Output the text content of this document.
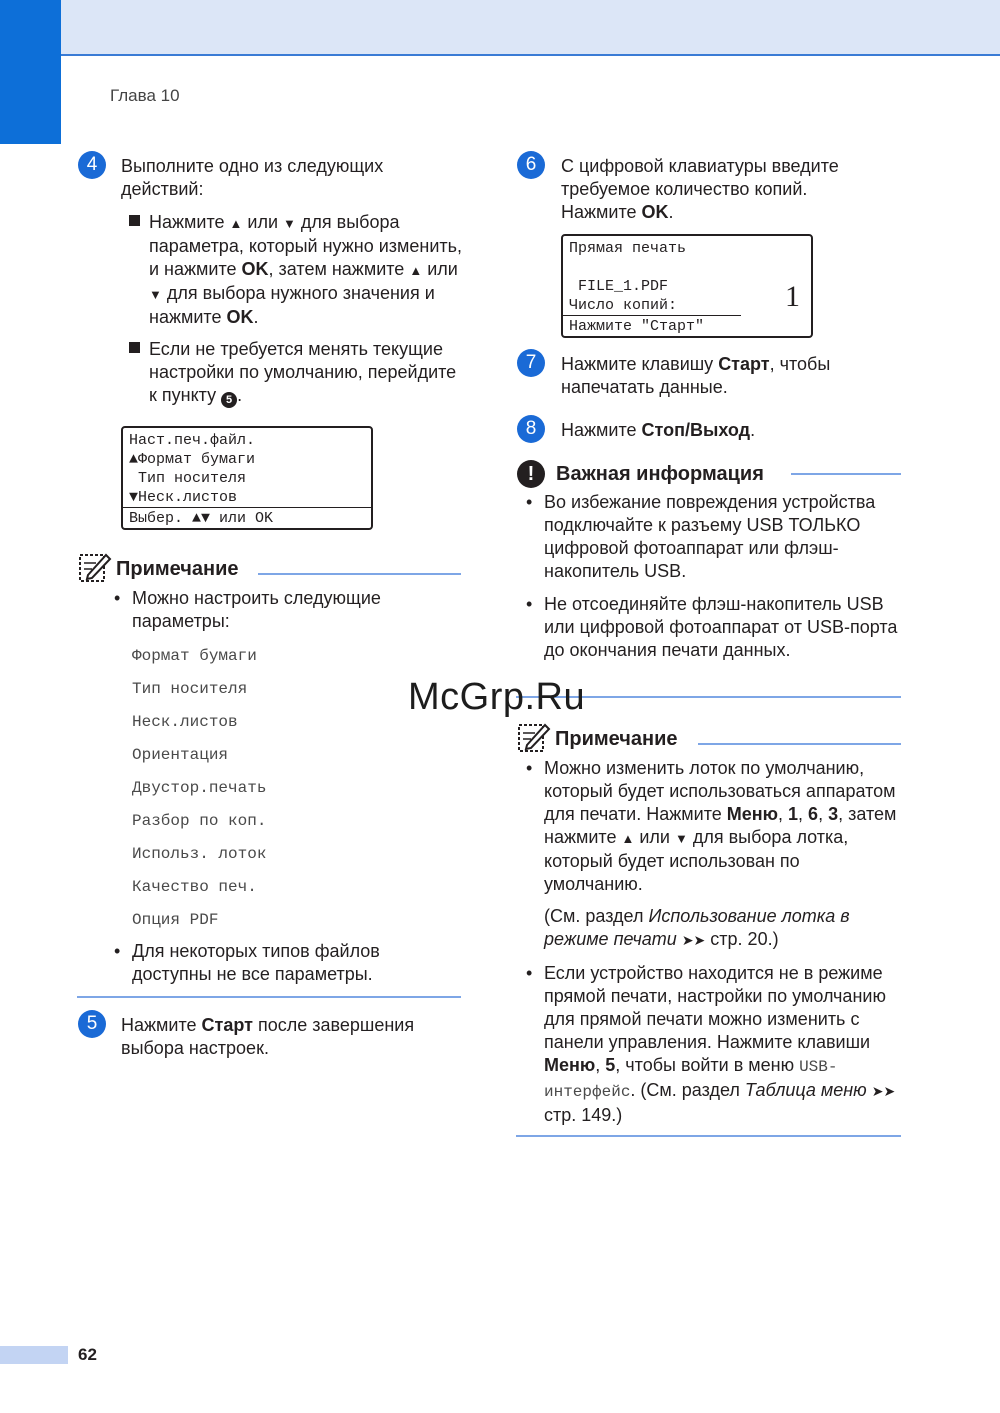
Глава 10
4	Выполните одно из следующих действий:
Нажмите ▲ или ▼ для выбора параметра, который нужно изменить, и нажмите OK, затем нажмите ▲ или ▼ для выбора нужного значения и нажмите OK.
Если не требуется менять текущие настройки по умолчанию, перейдите к пункту 5 .
Наст.печ.файл.
▲Формат бумаги
Тип носителя
▼Неск.листов
Выбер. ▲▼ или OK
Примечание
• Можно настроить следующие параметры:
Формат бумаги
Тип носителя
Неск.листов
Ориентация
Двустор.печать
Разбор по коп.
Использ. лоток
Качество печ.
Опция PDF
• Для некоторых типов файлов доступны не все параметры.
5	Нажмите Старт после завершения выбора настроек.
6	С цифровой клавиатуры введите требуемое количество копий. Нажмите OK.
Прямая печать
FILE_1.PDF
Число копий:
Нажмите "Старт"
1
7	Нажмите клавишу Старт, чтобы напечатать данные.
8	Нажмите Стоп/Выход.
!	Важная информация
• Во избежание повреждения устройства подключайте к разъему USB ТОЛЬКО цифровой фотоаппарат или флэш-накопитель USB.
• Не отсоединяйте флэш-накопитель USB или цифровой фотоаппарат от USB-порта до окончания печати данных.
McGrp.Ru
Примечание
• Можно изменить лоток по умолчанию, который будет использоваться аппаратом для печати. Нажмите Меню, 1, 6, 3, затем нажмите ▲ или ▼ для выбора лотка, который будет использован по умолчанию.
(См. раздел Использование лотка в режиме печати ➤➤ стр. 20.)
• Если устройство находится не в режиме прямой печати, настройки по умолчанию для прямой печати можно изменить с панели управления. Нажмите клавиши Меню, 5, чтобы войти в меню USB-интерфейс. (См. раздел Таблица меню ➤➤ стр. 149.)
62
